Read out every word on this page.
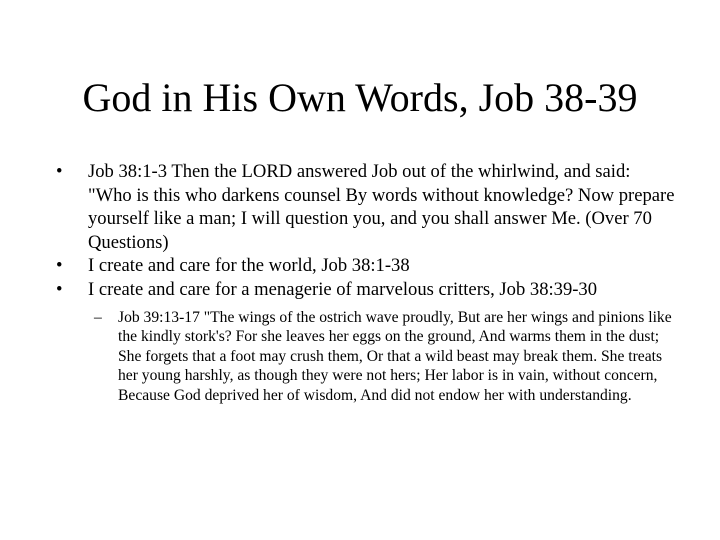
God in His Own Words, Job 38-39
•	Job 38:1-3 Then the LORD answered Job out of the whirlwind, and said: "Who is this who darkens counsel By words without knowledge? Now prepare yourself like a man; I will question you, and you shall answer Me. (Over 70 Questions)
•	I create and care for the world, Job 38:1-38
•	I create and care for a menagerie of marvelous critters, Job 38:39-30
– Job 39:13-17 "The wings of the ostrich wave proudly, But are her wings and pinions like the kindly stork's? For she leaves her eggs on the ground, And warms them in the dust; She forgets that a foot may crush them, Or that a wild beast may break them. She treats her young harshly, as though they were not hers; Her labor is in vain, without concern, Because God deprived her of wisdom, And did not endow her with understanding.
